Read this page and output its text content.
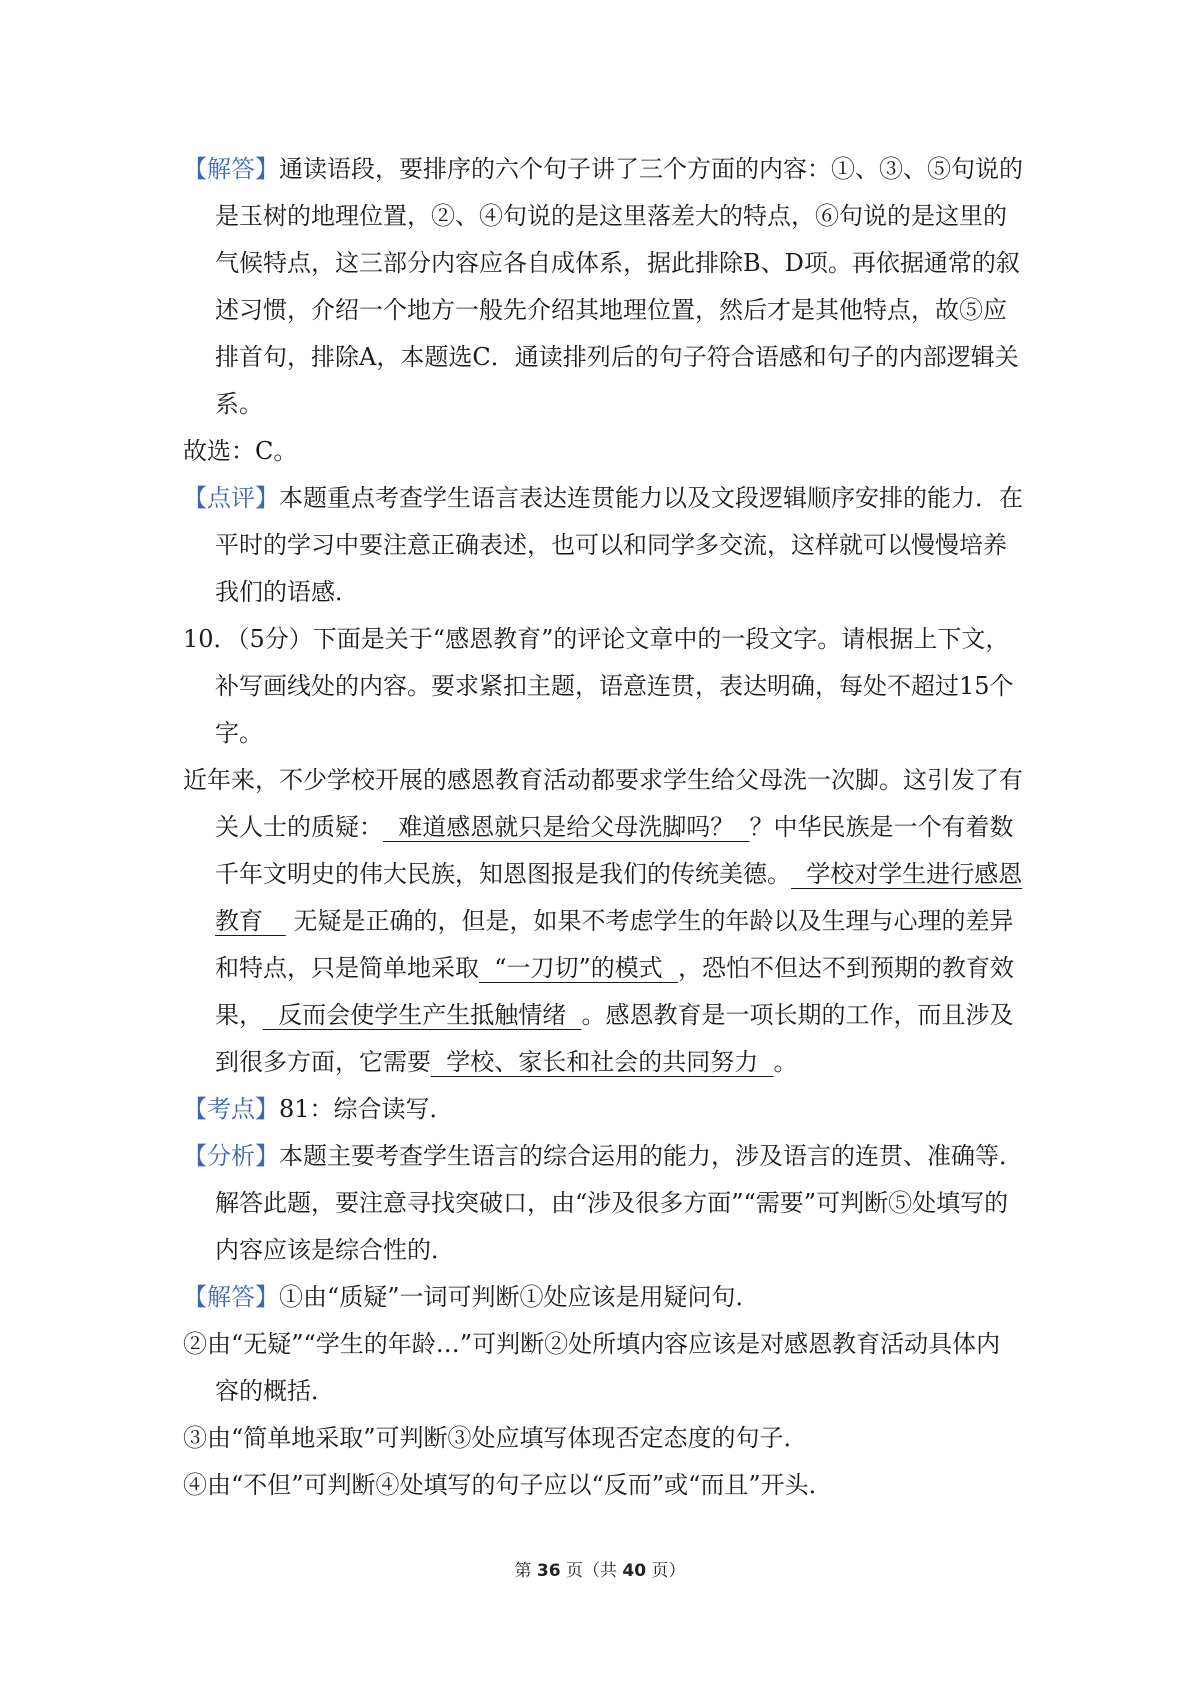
【解答】通读语段，要排序的六个句子讲了三个方面的内容：①、③、⑤句说的是玉树的地理位置，②、④句说的是这里落差大的特点，⑥句说的是这里的气候特点，这三部分内容应各自成体系，据此排除B、D项。再依据通常的叙述习惯，介绍一个地方一般先介绍其地理位置，然后才是其他特点，故⑤应排首句，排除A，本题选C．通读排列后的句子符合语感和句子的内部逻辑关系。

故选：C。

【点评】本题重点考查学生语言表达连贯能力以及文段逻辑顺序安排的能力．在平时的学习中要注意正确表述，也可以和同学多交流，这样就可以慢慢培养我们的语感．

10．（5分）下面是关于“感恩教育”的评论文章中的一段文字。请根据上下文，补写画线处的内容。要求紧扣主题，语意连贯，表达明确，每处不超过15个字。

近年来，不少学校开展的感恩教育活动都要求学生给父母洗一次脚。这引发了有关人士的质疑：  难道感恩就只是给父母洗脚吗？  ？中华民族是一个有着数千年文明史的伟大民族，知恩图报是我们的传统美德。  学校对学生进行感恩教育    无疑是正确的，但是，如果不考虑学生的年龄以及生理与心理的差异和特点，只是简单地采取  “一刀切”的模式  ，恐怕不但达不到预期的教育效果，  反而会使学生产生抵触情绪  。感恩教育是一项长期的工作，而且涉及到很多方面，它需要  学校、家长和社会的共同努力  。

【考点】81：综合读写．

【分析】本题主要考查学生语言的综合运用的能力，涉及语言的连贯、准确等．解答此题，要注意寻找突破口，由“涉及很多方面”“需要”可判断⑤处填写的内容应该是综合性的．

【解答】①由“质疑”一词可判断①处应该是用疑问句．

②由“无疑”“学生的年龄…”可判断②处所填内容应该是对感恩教育活动具体内容的概括．

③由“简单地采取”可判断③处应填写体现否定态度的句子．

④由“不但”可判断④处填写的句子应以“反而”或“而且”开头．

第 36 页（共 40 页）
